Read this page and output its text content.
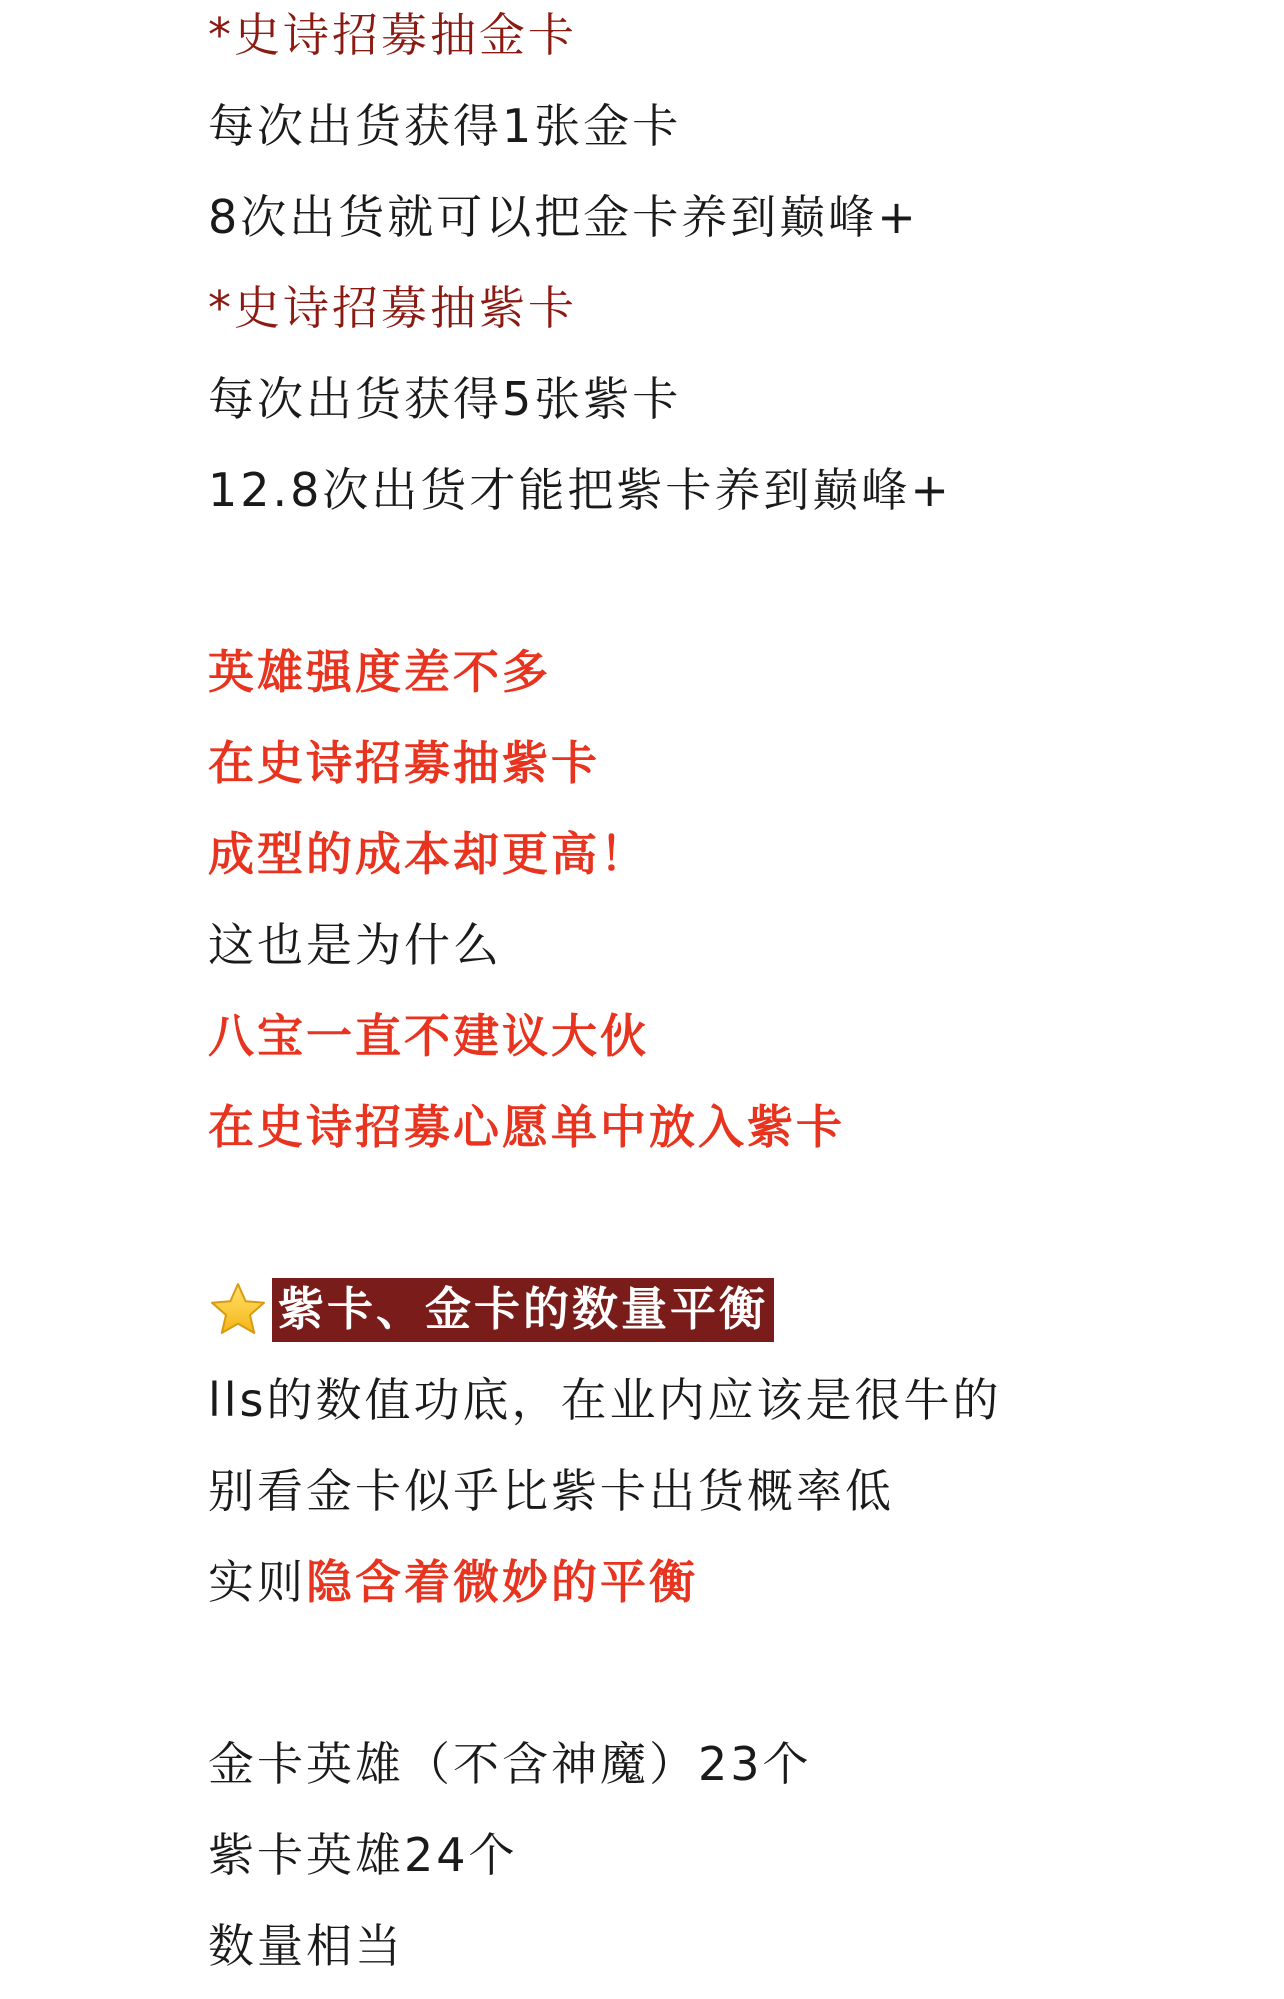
*史诗招募抽金卡
每次出货获得1张金卡
8次出货就可以把金卡养到巅峰+
*史诗招募抽紫卡
每次出货获得5张紫卡
12.8次出货才能把紫卡养到巅峰+
英雄强度差不多
在史诗招募抽紫卡
成型的成本却更高！
这也是为什么
八宝一直不建议大伙
在史诗招募心愿单中放入紫卡
紫卡、金卡的数量平衡
lls的数值功底，在业内应该是很牛的
别看金卡似乎比紫卡出货概率低
实则隐含着微妙的平衡
金卡英雄（不含神魔）23个
紫卡英雄24个
数量相当
